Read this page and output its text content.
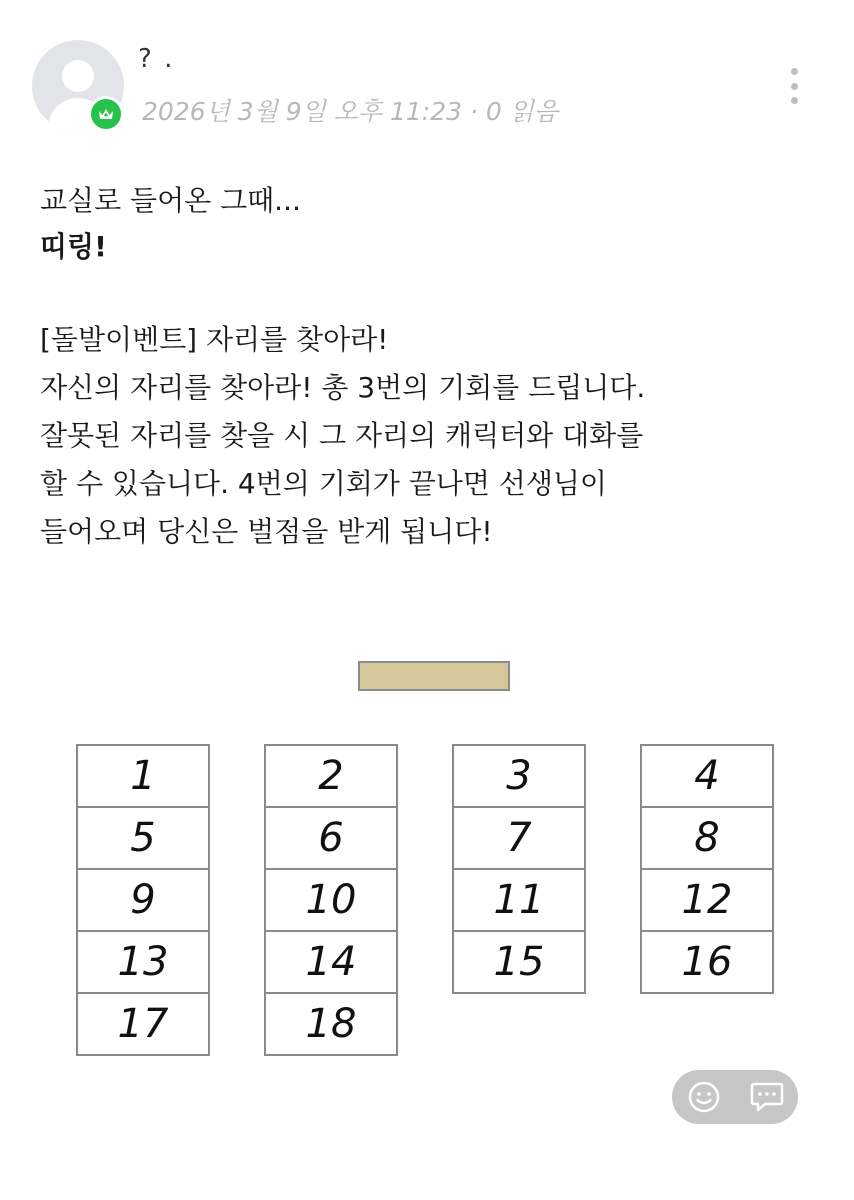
? .
2026년 3월 9일 오후 11:23 · 0 읽음

교실로 들어온 그때...

띠링!

[돌발이벤트] 자리를 찾아라!

자신의 자리를 찾아라! 총 3번의 기회를 드립니다.

잘못된 자리를 찾을 시 그 자리의 캐릭터와 대화를

할 수 있습니다. 4번의 기회가 끝나면 선생님이

들어오며 당신은 벌점을 받게 됩니다!

1
5
9
13
17
2
6
10
14
18
3
7
11
15
4
8
12
16
